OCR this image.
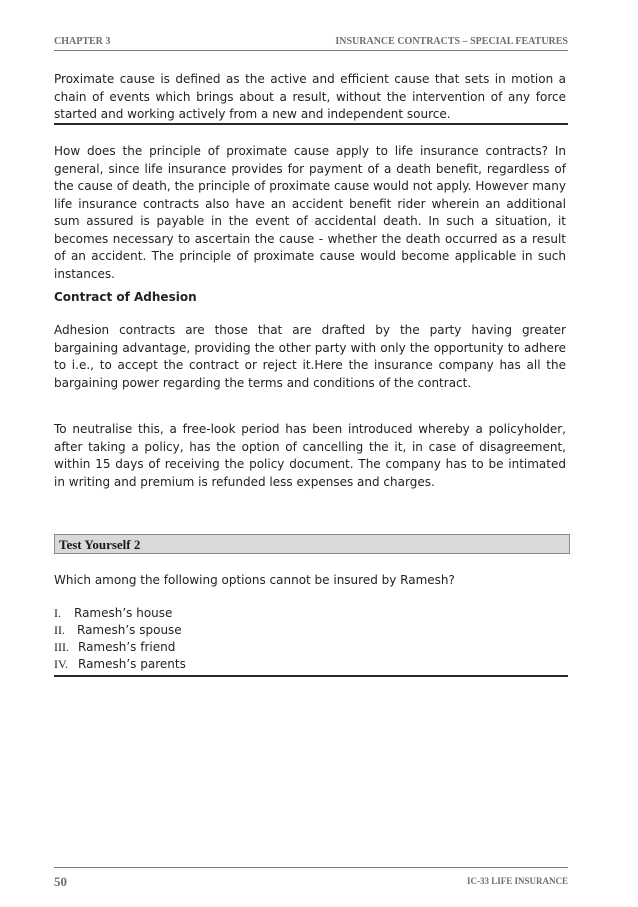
CHAPTER 3	INSURANCE CONTRACTS – SPECIAL FEATURES

Proximate cause is defined as the active and efficient cause that sets in motion a chain of events which brings about a result, without the intervention of any force started and working actively from a new and independent source.

How does the principle of proximate cause apply to life insurance contracts? In general, since life insurance provides for payment of a death benefit, regardless of the cause of death, the principle of proximate cause would not apply. However many life insurance contracts also have an accident benefit rider wherein an additional sum assured is payable in the event of accidental death. In such a situation, it becomes necessary to ascertain the cause - whether the death occurred as a result of an accident. The principle of proximate cause would become applicable in such instances.

Contract of Adhesion

Adhesion contracts are those that are drafted by the party having greater bargaining advantage, providing the other party with only the opportunity to adhere to i.e., to accept the contract or reject it.Here the insurance company has all the bargaining power regarding the terms and conditions of the contract.

To neutralise this, a free-look period has been introduced whereby a policyholder, after taking a policy, has the option of cancelling the it, in case of disagreement, within 15 days of receiving the policy document. The company has to be intimated in writing and premium is refunded less expenses and charges.

Test Yourself 2

Which among the following options cannot be insured by Ramesh?

I. Ramesh’s house
II. Ramesh’s spouse
III. Ramesh’s friend
IV. Ramesh’s parents
50	IC-33 LIFE INSURANCE
